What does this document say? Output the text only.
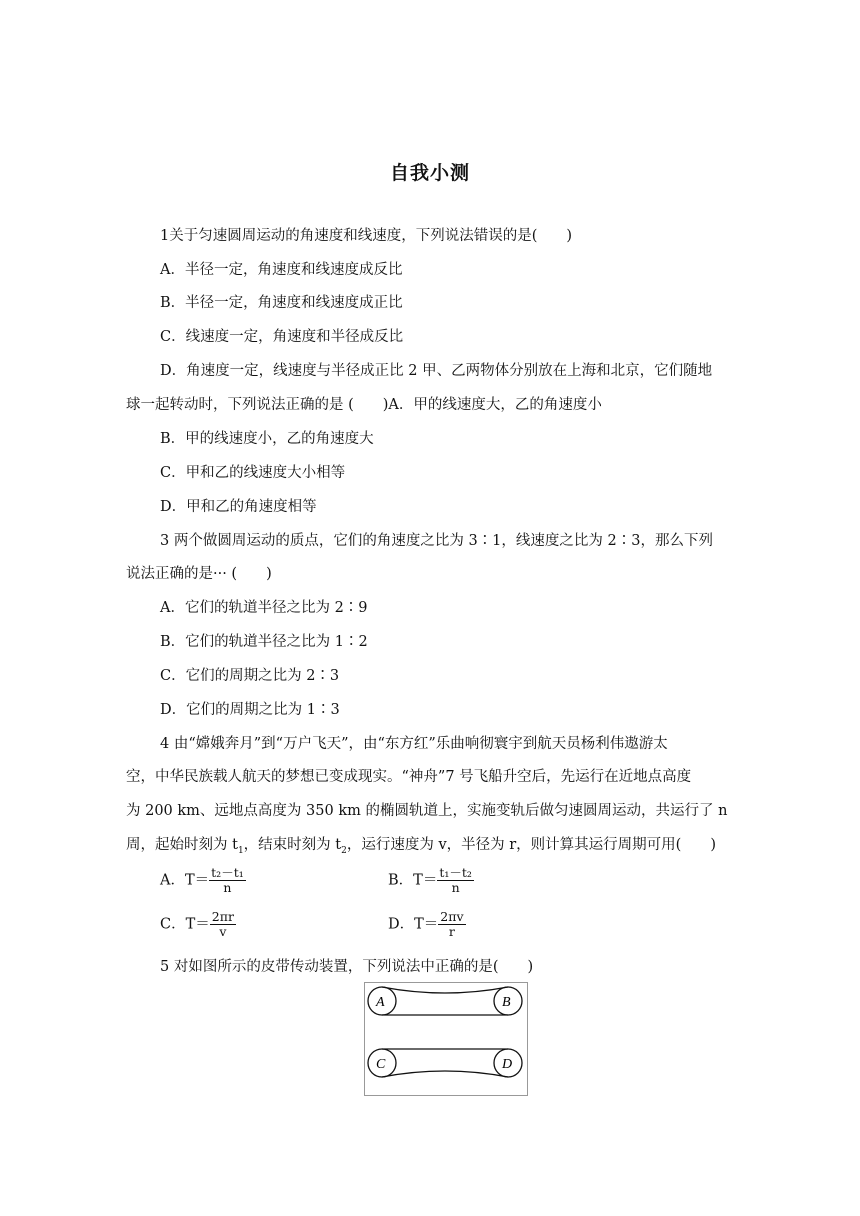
自我小测
1关于匀速圆周运动的角速度和线速度，下列说法错误的是(　　)
A．半径一定，角速度和线速度成反比
B．半径一定，角速度和线速度成正比
C．线速度一定，角速度和半径成反比
D．角速度一定，线速度与半径成正比 2 甲、乙两物体分别放在上海和北京，它们随地
球一起转动时，下列说法正确的是 (　　)A．甲的线速度大，乙的角速度小
B．甲的线速度小，乙的角速度大
C．甲和乙的线速度大小相等
D．甲和乙的角速度相等
3 两个做圆周运动的质点，它们的角速度之比为 3∶1，线速度之比为 2∶3，那么下列
说法正确的是··· (　　)
A．它们的轨道半径之比为 2∶9
B．它们的轨道半径之比为 1∶2
C．它们的周期之比为 2∶3
D．它们的周期之比为 1∶3
4 由“嫦娥奔月”到“万户飞天”，由“东方红”乐曲响彻寰宇到航天员杨利伟遨游太
空，中华民族载人航天的梦想已变成现实。“神舟”7 号飞船升空后，先运行在近地点高度
为 200 km、远地点高度为 350 km 的椭圆轨道上，实施变轨后做匀速圆周运动，共运行了 n
周，起始时刻为 $t_1$，结束时刻为 $t_2$，运行速度为 v，半径为 r，则计算其运行周期可用(　　)
A．$T= \frac{\text{t₂－t₁}}{n}$	B．$T= \frac{\text{t₁－t₂}}{n}$
C．$T= \frac{2\pi r}{v}$	D．$T= \frac{2\pi v}{r}$
5 对如图所示的皮带传动装置，下列说法中正确的是(　　)
A	B
C	D
